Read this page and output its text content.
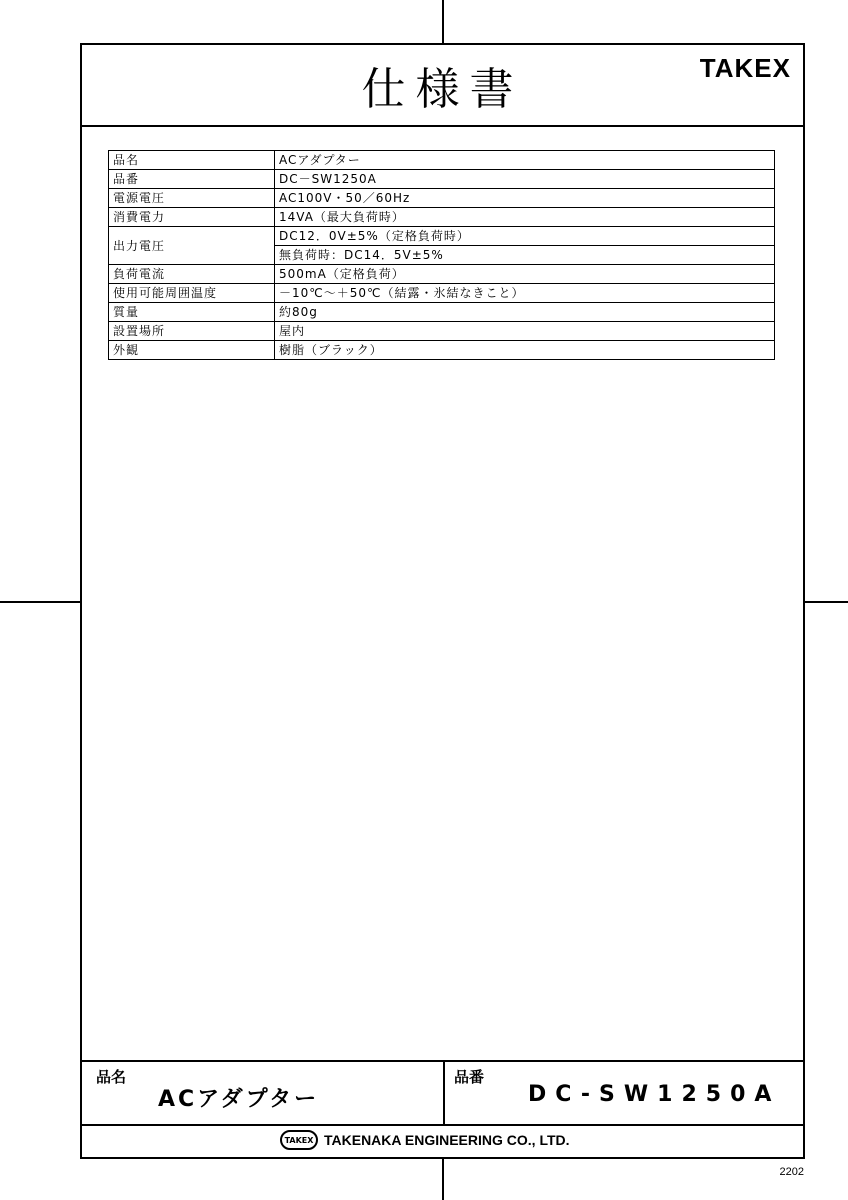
仕様書	TAKEX
品名	ACアダプター
品番	DC－SW1250A
電源電圧	AC100V・50／60Hz
消費電力	14VA（最大負荷時）
出力電圧	DC12．0V±5%（定格負荷時）
	無負荷時：DC14．5V±5%
負荷電流	500mA（定格負荷）
使用可能周囲温度	－10℃～＋50℃（結露・氷結なきこと）
質量	約80g
設置場所	屋内
外観	樹脂（ブラック）
品名
ACアダプター
品番
DC-SW1250A
TAKEX TAKENAKA ENGINEERING CO., LTD.
2202
